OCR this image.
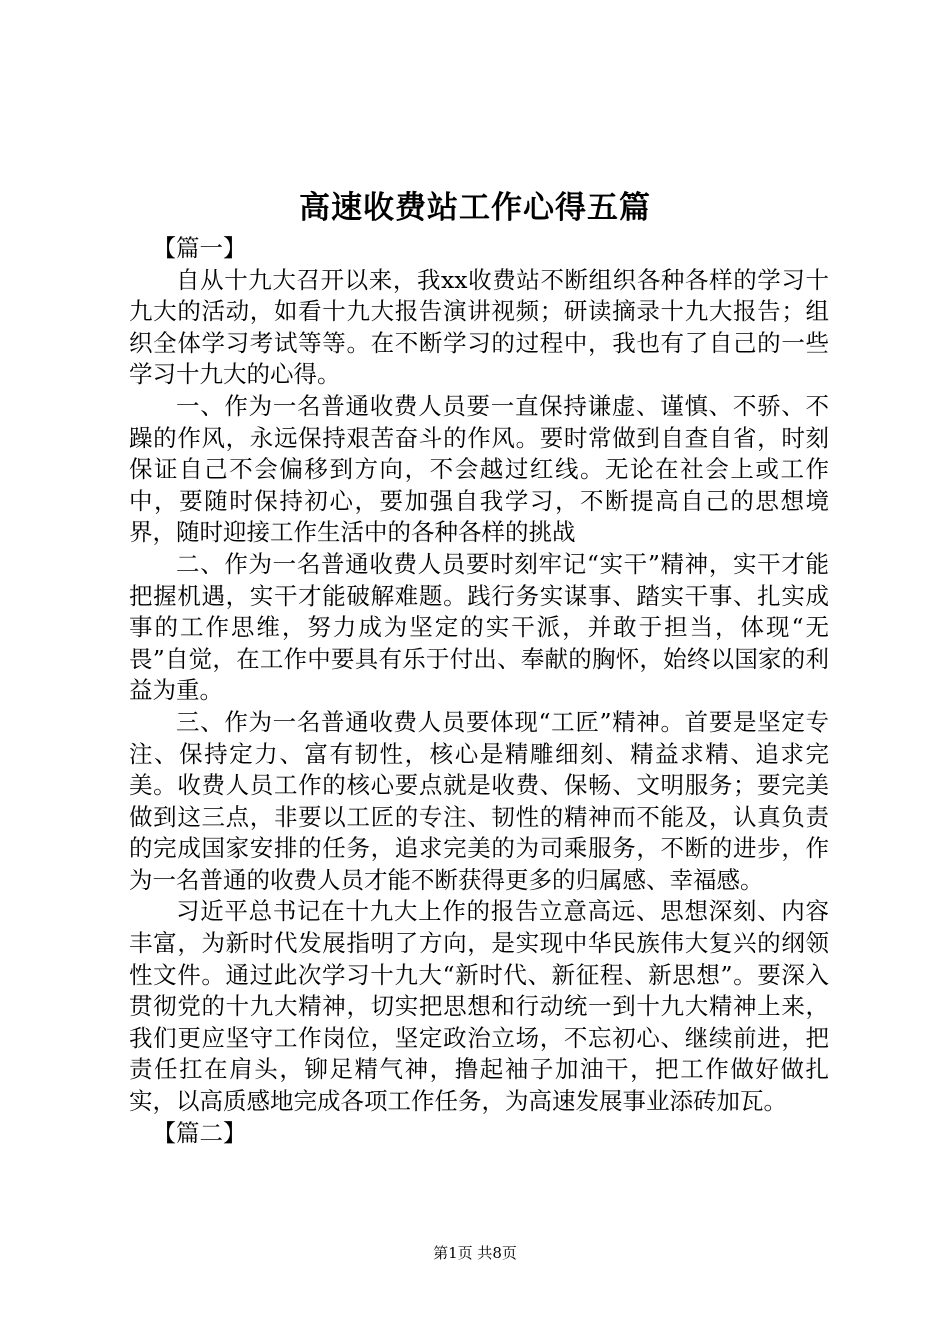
高速收费站工作心得五篇

【篇一】

自从十九大召开以来，我xx收费站不断组织各种各样的学习十九大的活动，如看十九大报告演讲视频；研读摘录十九大报告；组织全体学习考试等等。在不断学习的过程中，我也有了自己的一些学习十九大的心得。

一、作为一名普通收费人员要一直保持谦虚、谨慎、不骄、不躁的作风，永远保持艰苦奋斗的作风。要时常做到自查自省，时刻保证自己不会偏移到方向，不会越过红线。无论在社会上或工作中，要随时保持初心，要加强自我学习，不断提高自己的思想境界，随时迎接工作生活中的各种各样的挑战

二、作为一名普通收费人员要时刻牢记“实干”精神，实干才能把握机遇，实干才能破解难题。践行务实谋事、踏实干事、扎实成事的工作思维，努力成为坚定的实干派，并敢于担当，体现“无畏”自觉，在工作中要具有乐于付出、奉献的胸怀，始终以国家的利益为重。

三、作为一名普通收费人员要体现“工匠”精神。首要是坚定专注、保持定力、富有韧性，核心是精雕细刻、精益求精、追求完美。收费人员工作的核心要点就是收费、保畅、文明服务；要完美做到这三点，非要以工匠的专注、韧性的精神而不能及，认真负责的完成国家安排的任务，追求完美的为司乘服务，不断的进步，作为一名普通的收费人员才能不断获得更多的归属感、幸福感。

习近平总书记在十九大上作的报告立意高远、思想深刻、内容丰富，为新时代发展指明了方向，是实现中华民族伟大复兴的纲领性文件。通过此次学习十九大“新时代、新征程、新思想”。要深入贯彻党的十九大精神，切实把思想和行动统一到十九大精神上来，我们更应坚守工作岗位，坚定政治立场，不忘初心、继续前进，把责任扛在肩头，铆足精气神，撸起袖子加油干，把工作做好做扎实，以高质感地完成各项工作任务，为高速发展事业添砖加瓦。

【篇二】

第1页 共8页
